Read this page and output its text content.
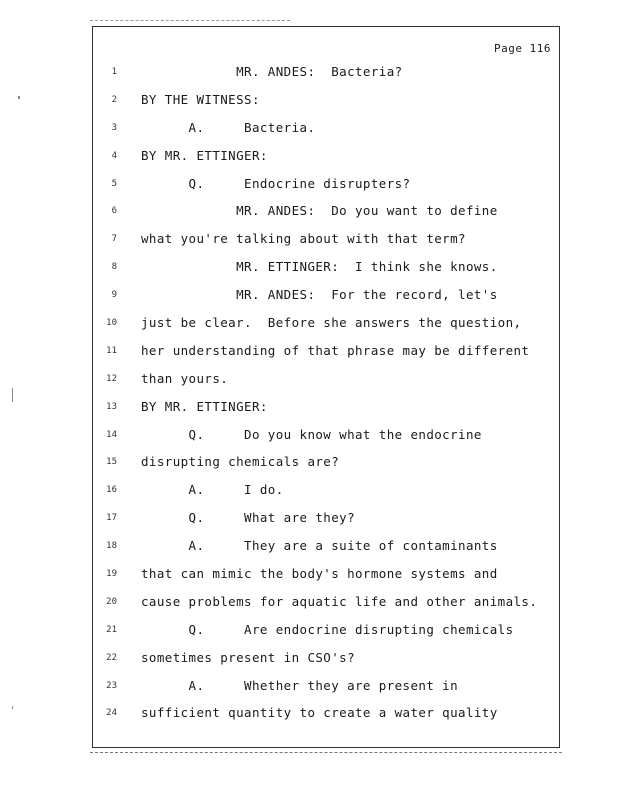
Page 116
1 MR. ANDES:  Bacteria?
2 BY THE WITNESS:
3 A.     Bacteria.
4 BY MR. ETTINGER:
5 Q.     Endocrine disrupters?
6 MR. ANDES:  Do you want to define
7 what you're talking about with that term?
8 MR. ETTINGER:  I think she knows.
9 MR. ANDES:  For the record, let's
10 just be clear.  Before she answers the question,
11 her understanding of that phrase may be different
12 than yours.
13 BY MR. ETTINGER:
14 Q.     Do you know what the endocrine
15 disrupting chemicals are?
16 A.     I do.
17 Q.     What are they?
18 A.     They are a suite of contaminants
19 that can mimic the body's hormone systems and
20 cause problems for aquatic life and other animals.
21 Q.     Are endocrine disrupting chemicals
22 sometimes present in CSO's?
23 A.     Whether they are present in
24 sufficient quantity to create a water quality
